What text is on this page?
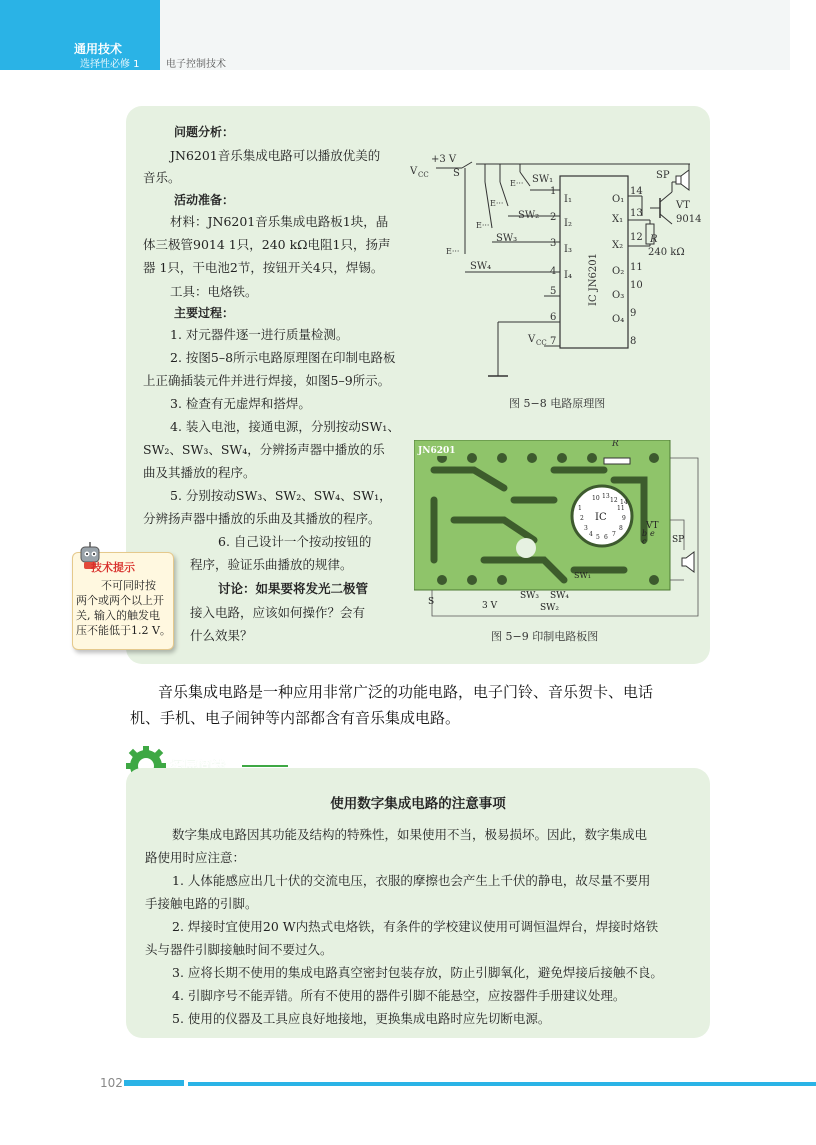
通用技术
选择性必修 1	电子控制技术
问题分析：
JN6201音乐集成电路可以播放优美的
音乐。
活动准备：
材料：JN6201音乐集成电路板1块，晶
体三极管9014 1只，240 kΩ电阻1只，扬声
器 1只，干电池2节，按钮开关4只，焊锡。
工具：电烙铁。
主要过程：
1. 对元器件逐一进行质量检测。
2. 按图5–8所示电路原理图在印制电路板
上正确插装元件并进行焊接，如图5–9所示。
3. 检查有无虚焊和搭焊。
4. 装入电池，接通电源，分别按动SW₁、
SW₂、SW₃、SW₄，分辨扬声器中播放的乐
曲及其播放的程序。
5. 分别按动SW₃、SW₂、SW₄、SW₁，
分辨扬声器中播放的乐曲及其播放的程序。
6. 自己设计一个按动按钮的
程序，验证乐曲播放的规律。
讨论：如果要将发光二极管
接入电路，应该如何操作？会有
什么效果？
技术提示
不可同时按
两个或两个以上开
关, 输入的触发电
压不能低于1.2 V。
V CC
+3 V
S
SW₁
E···
SW₂
E···
SW₃
E···
SW₄
E···
IC JN6201
1
2
3
4
5
6
7
I₁
I₂
I₃
I₄
V CC
14
13
12
11
10
9
8
O₁
X₁
X₂
O₂
O₃
O₄
R
240 kΩ
VT
9014
SP
图 5−8 电路原理图
IC
1
2
3
4 5 6 7
8
9
11
12
13
10
14
JN6201
R
VT
b
c
e
SP
S	3 V
SW₃ SW₄
SW₂
SW₁
图 5−9 印制电路板图
音乐集成电路是一种应用非常广泛的功能电路，电子门铃、音乐贺卡、电话
机、手机、电子闹钟等内部都含有音乐集成电路。
使用数字集成电路的注意事项
数字集成电路因其功能及结构的特殊性，如果使用不当，极易损坏。因此，数字集成电
路使用时应注意：
1. 人体能感应出几十伏的交流电压，衣服的摩擦也会产生上千伏的静电，故尽量不要用
手接触电路的引脚。
2. 焊接时宜使用20 W内热式电烙铁，有条件的学校建议使用可调恒温焊台，焊接时烙铁
头与器件引脚接触时间不要过久。
3. 应将长期不使用的集成电路真空密封包装存放，防止引脚氧化，避免焊接后接触不良。
4. 引脚序号不能弄错。所有不使用的器件引脚不能悬空，应按器件手册建议处理。
5. 使用的仪器及工具应良好地接地，更换集成电路时应先切断电源。
102
